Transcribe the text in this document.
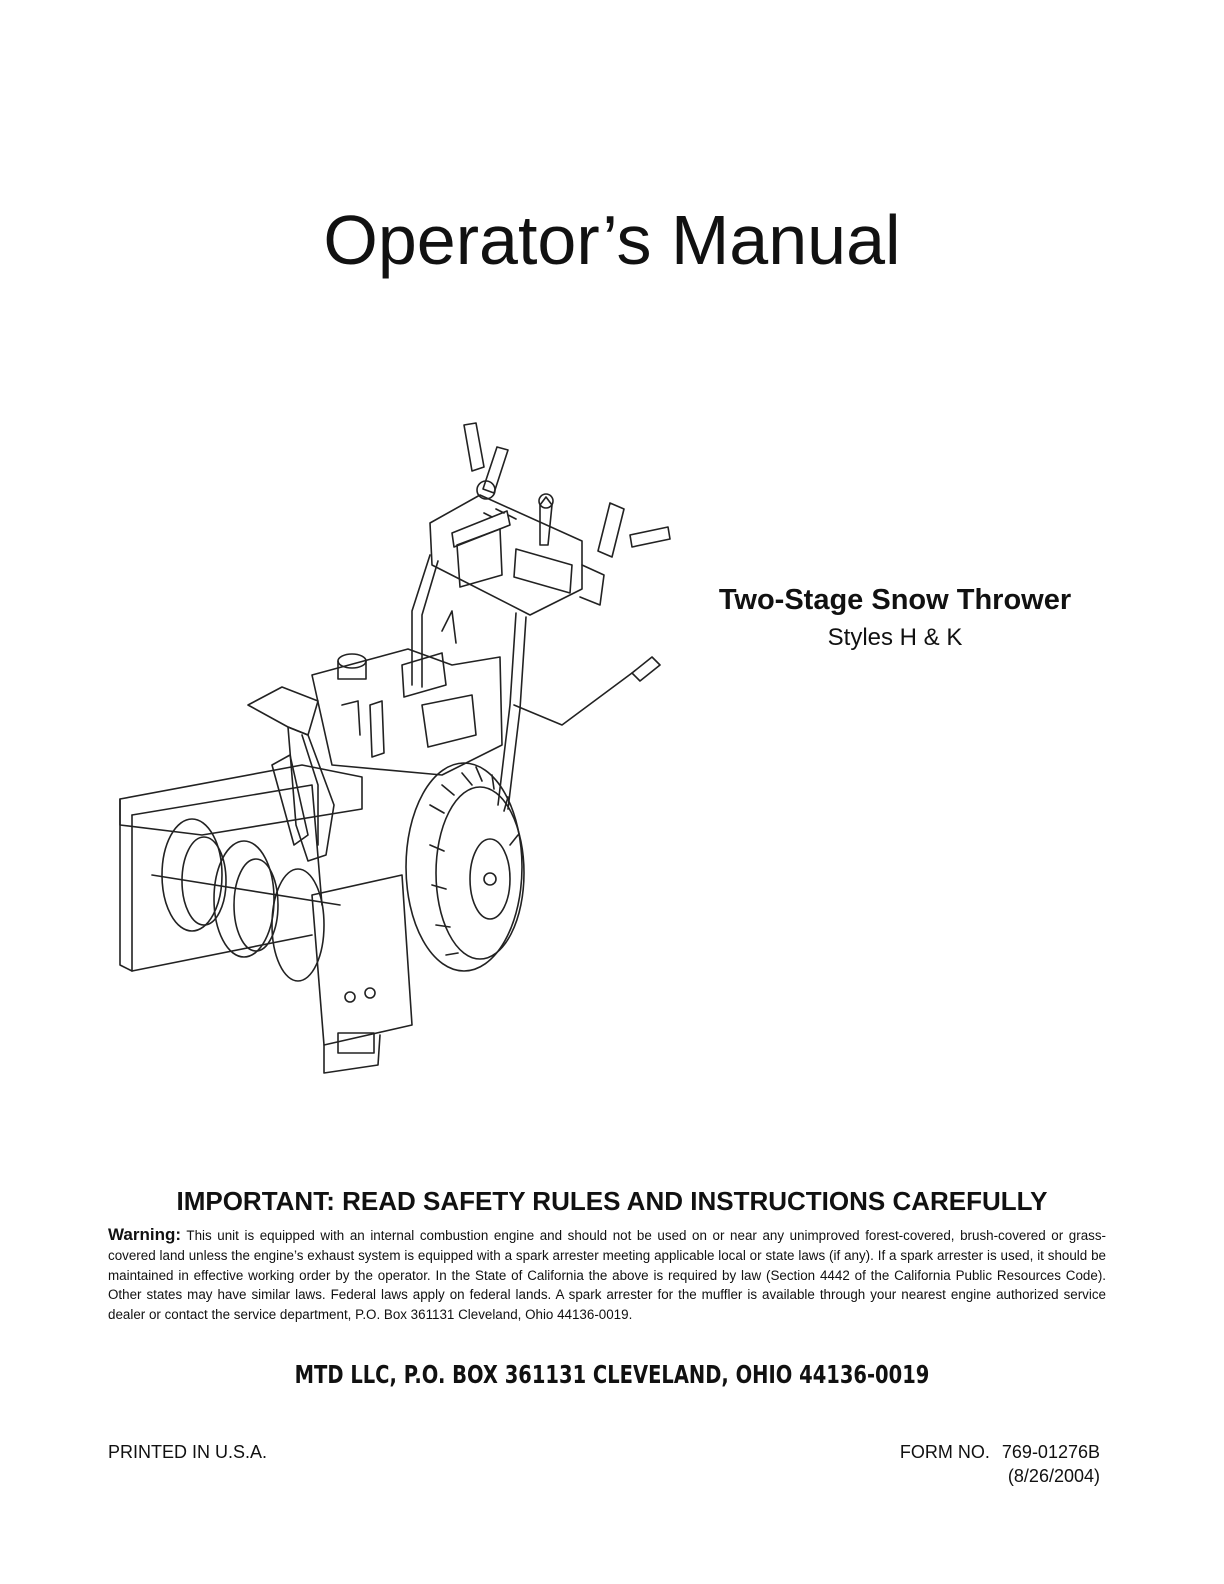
Operator’s Manual
Two-Stage Snow Thrower
Styles H & K
IMPORTANT: READ SAFETY RULES AND INSTRUCTIONS CAREFULLY
Warning: This unit is equipped with an internal combustion engine and should not be used on or near any unimproved forest-covered, brush-covered or grass-covered land unless the engine’s exhaust system is equipped with a spark arrester meeting applicable local or state laws (if any). If a spark arrester is used, it should be maintained in effective working order by the operator. In the State of California the above is required by law (Section 4442 of the California Public Resources Code). Other states may have similar laws. Federal laws apply on federal lands. A spark arrester for the muffler is available through your nearest engine authorized service dealer or contact the service department, P.O. Box 361131 Cleveland, Ohio 44136-0019.
MTD LLC, P.O. BOX 361131 CLEVELAND, OHIO 44136-0019
PRINTED IN U.S.A.	FORM NO. 769-01276B
(8/26/2004)
